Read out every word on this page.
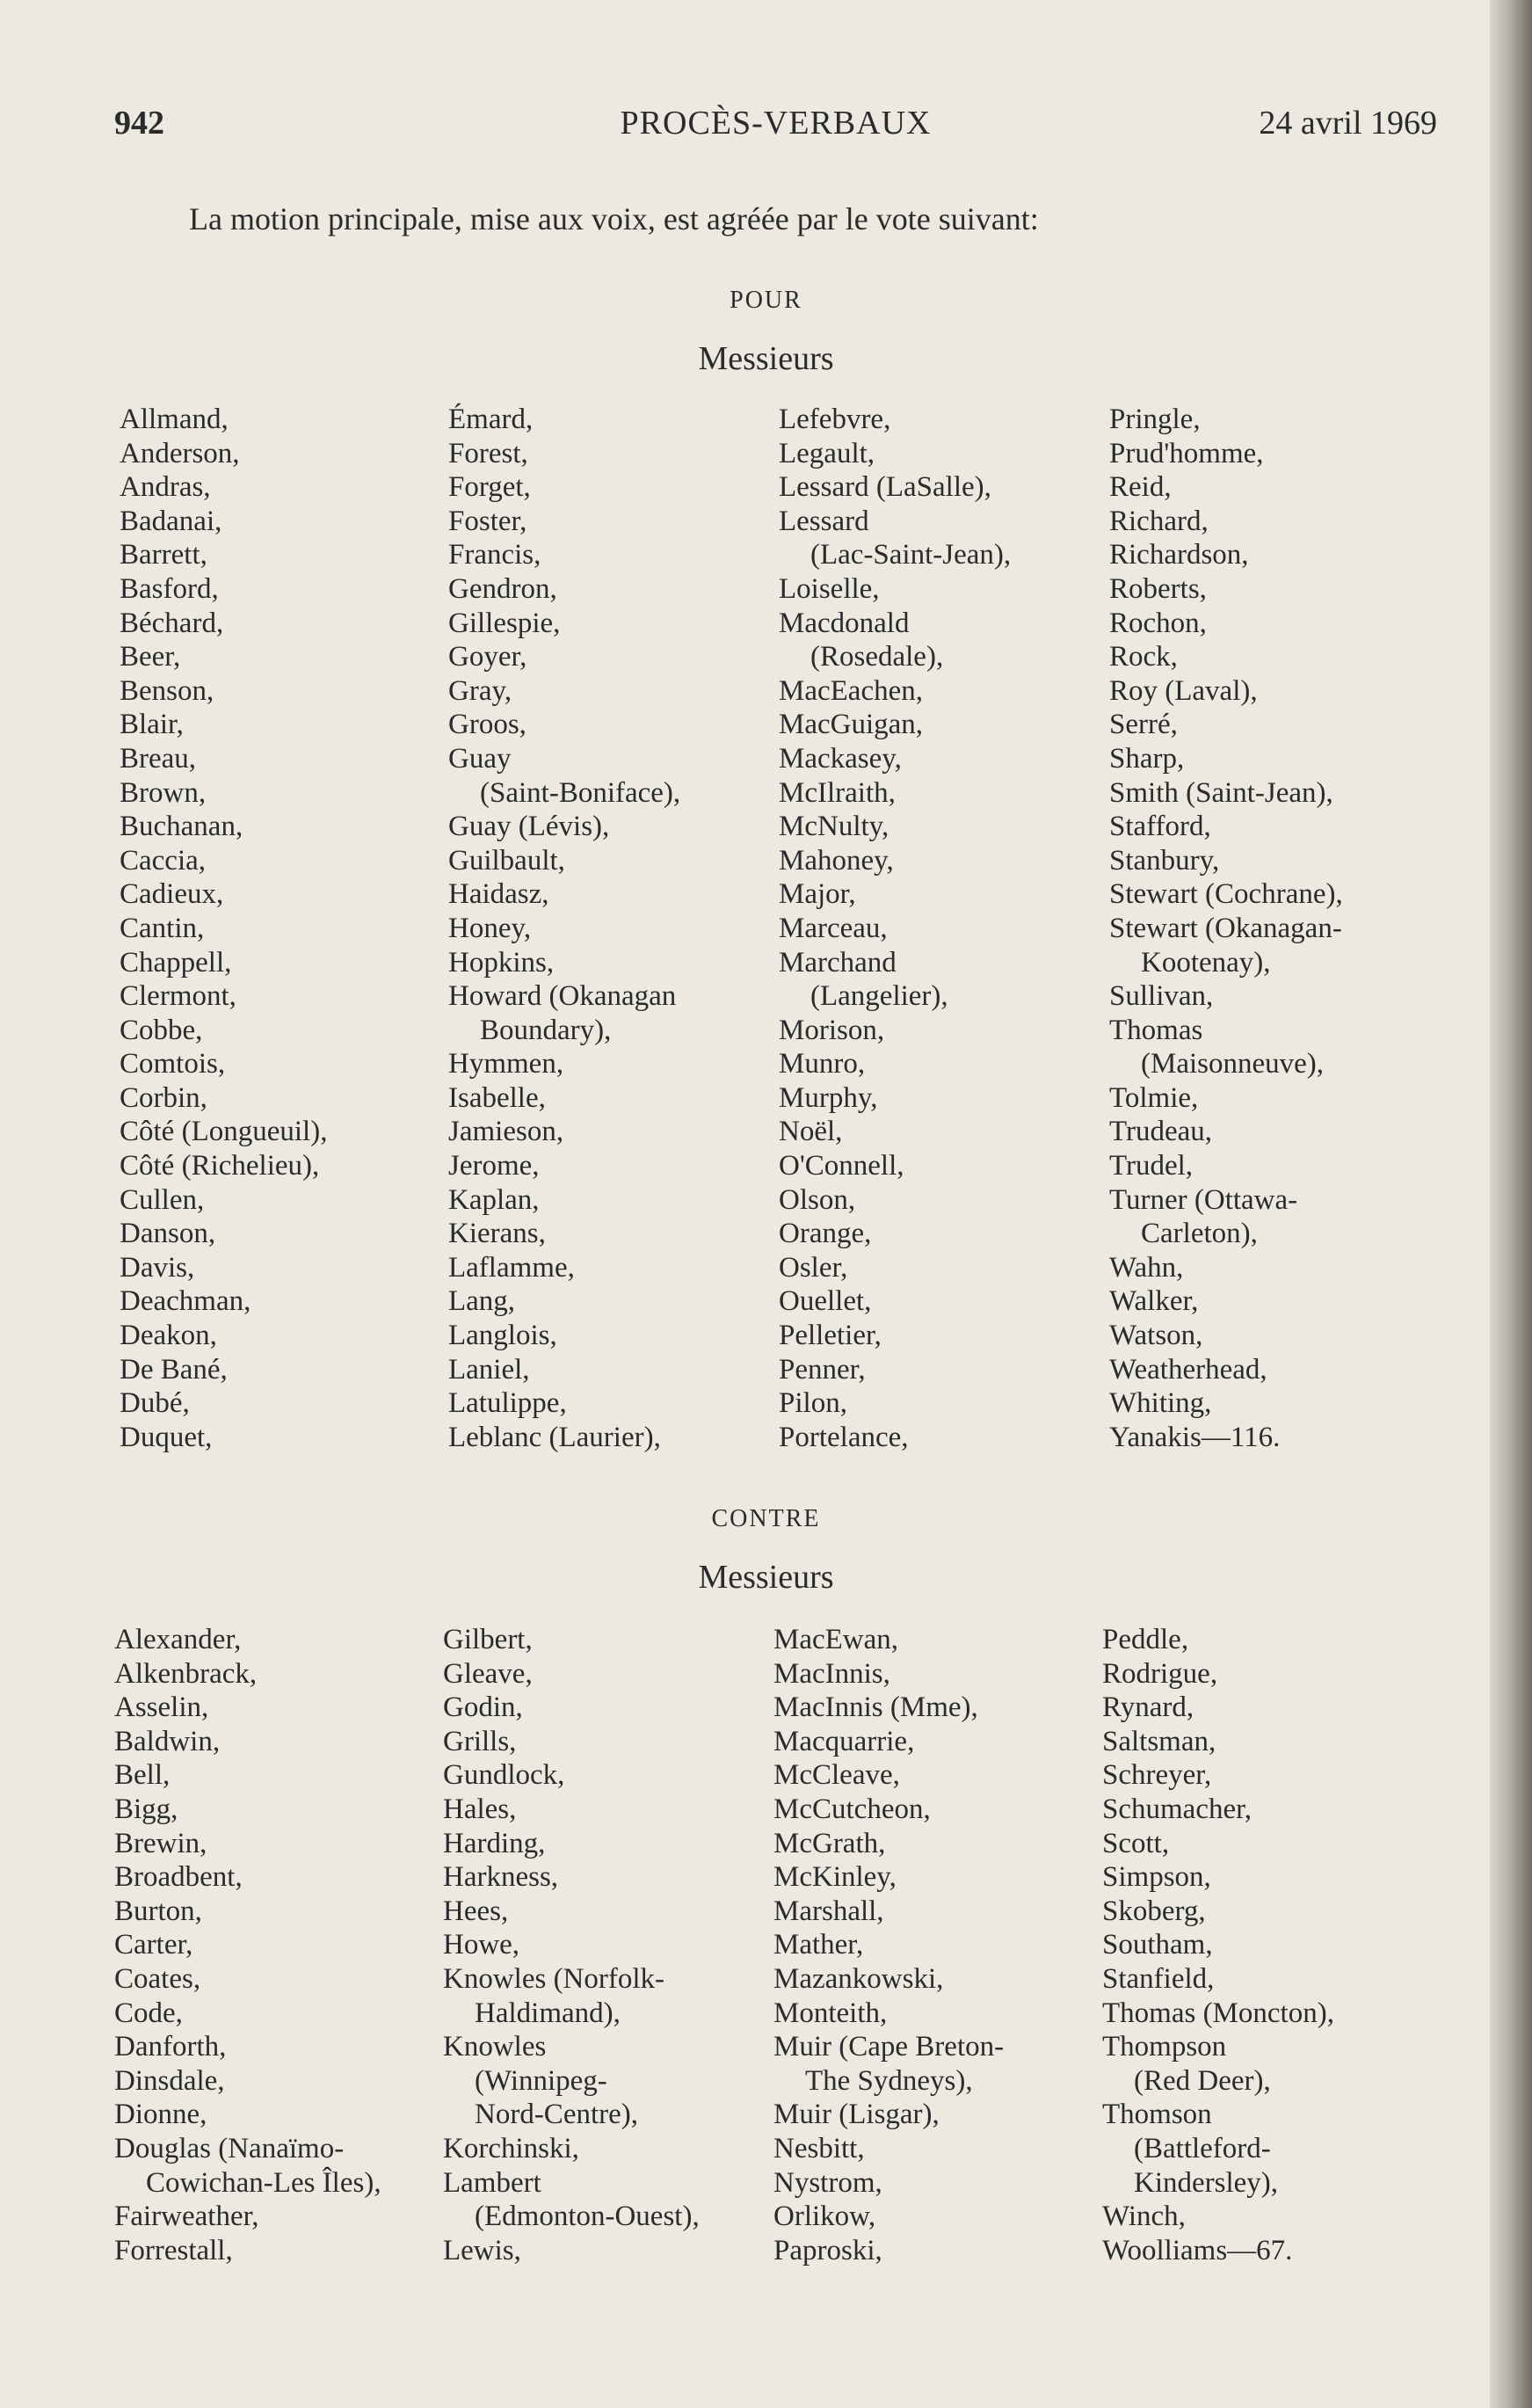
942	PROCÈS-VERBAUX	24 avril 1969
La motion principale, mise aux voix, est agréée par le vote suivant:
POUR
Messieurs
Allmand,
Anderson,
Andras,
Badanai,
Barrett,
Basford,
Béchard,
Beer,
Benson,
Blair,
Breau,
Brown,
Buchanan,
Caccia,
Cadieux,
Cantin,
Chappell,
Clermont,
Cobbe,
Comtois,
Corbin,
Côté (Longueuil),
Côté (Richelieu),
Cullen,
Danson,
Davis,
Deachman,
Deakon,
De Bané,
Dubé,
Duquet,
Émard,
Forest,
Forget,
Foster,
Francis,
Gendron,
Gillespie,
Goyer,
Gray,
Groos,
Guay
(Saint-Boniface),
Guay (Lévis),
Guilbault,
Haidasz,
Honey,
Hopkins,
Howard (Okanagan
Boundary),
Hymmen,
Isabelle,
Jamieson,
Jerome,
Kaplan,
Kierans,
Laflamme,
Lang,
Langlois,
Laniel,
Latulippe,
Leblanc (Laurier),
Lefebvre,
Legault,
Lessard (LaSalle),
Lessard
(Lac-Saint-Jean),
Loiselle,
Macdonald
(Rosedale),
MacEachen,
MacGuigan,
Mackasey,
McIlraith,
McNulty,
Mahoney,
Major,
Marceau,
Marchand
(Langelier),
Morison,
Munro,
Murphy,
Noël,
O'Connell,
Olson,
Orange,
Osler,
Ouellet,
Pelletier,
Penner,
Pilon,
Portelance,
Pringle,
Prud'homme,
Reid,
Richard,
Richardson,
Roberts,
Rochon,
Rock,
Roy (Laval),
Serré,
Sharp,
Smith (Saint-Jean),
Stafford,
Stanbury,
Stewart (Cochrane),
Stewart (Okanagan-
Kootenay),
Sullivan,
Thomas
(Maisonneuve),
Tolmie,
Trudeau,
Trudel,
Turner (Ottawa-
Carleton),
Wahn,
Walker,
Watson,
Weatherhead,
Whiting,
Yanakis—116.
CONTRE
Messieurs
Alexander,
Alkenbrack,
Asselin,
Baldwin,
Bell,
Bigg,
Brewin,
Broadbent,
Burton,
Carter,
Coates,
Code,
Danforth,
Dinsdale,
Dionne,
Douglas (Nanaïmo-
Cowichan-Les Îles),
Fairweather,
Forrestall,
Gilbert,
Gleave,
Godin,
Grills,
Gundlock,
Hales,
Harding,
Harkness,
Hees,
Howe,
Knowles (Norfolk-
Haldimand),
Knowles
(Winnipeg-
Nord-Centre),
Korchinski,
Lambert
(Edmonton-Ouest),
Lewis,
MacEwan,
MacInnis,
MacInnis (Mme),
Macquarrie,
McCleave,
McCutcheon,
McGrath,
McKinley,
Marshall,
Mather,
Mazankowski,
Monteith,
Muir (Cape Breton-
The Sydneys),
Muir (Lisgar),
Nesbitt,
Nystrom,
Orlikow,
Paproski,
Peddle,
Rodrigue,
Rynard,
Saltsman,
Schreyer,
Schumacher,
Scott,
Simpson,
Skoberg,
Southam,
Stanfield,
Thomas (Moncton),
Thompson
(Red Deer),
Thomson
(Battleford-
Kindersley),
Winch,
Woolliams—67.
